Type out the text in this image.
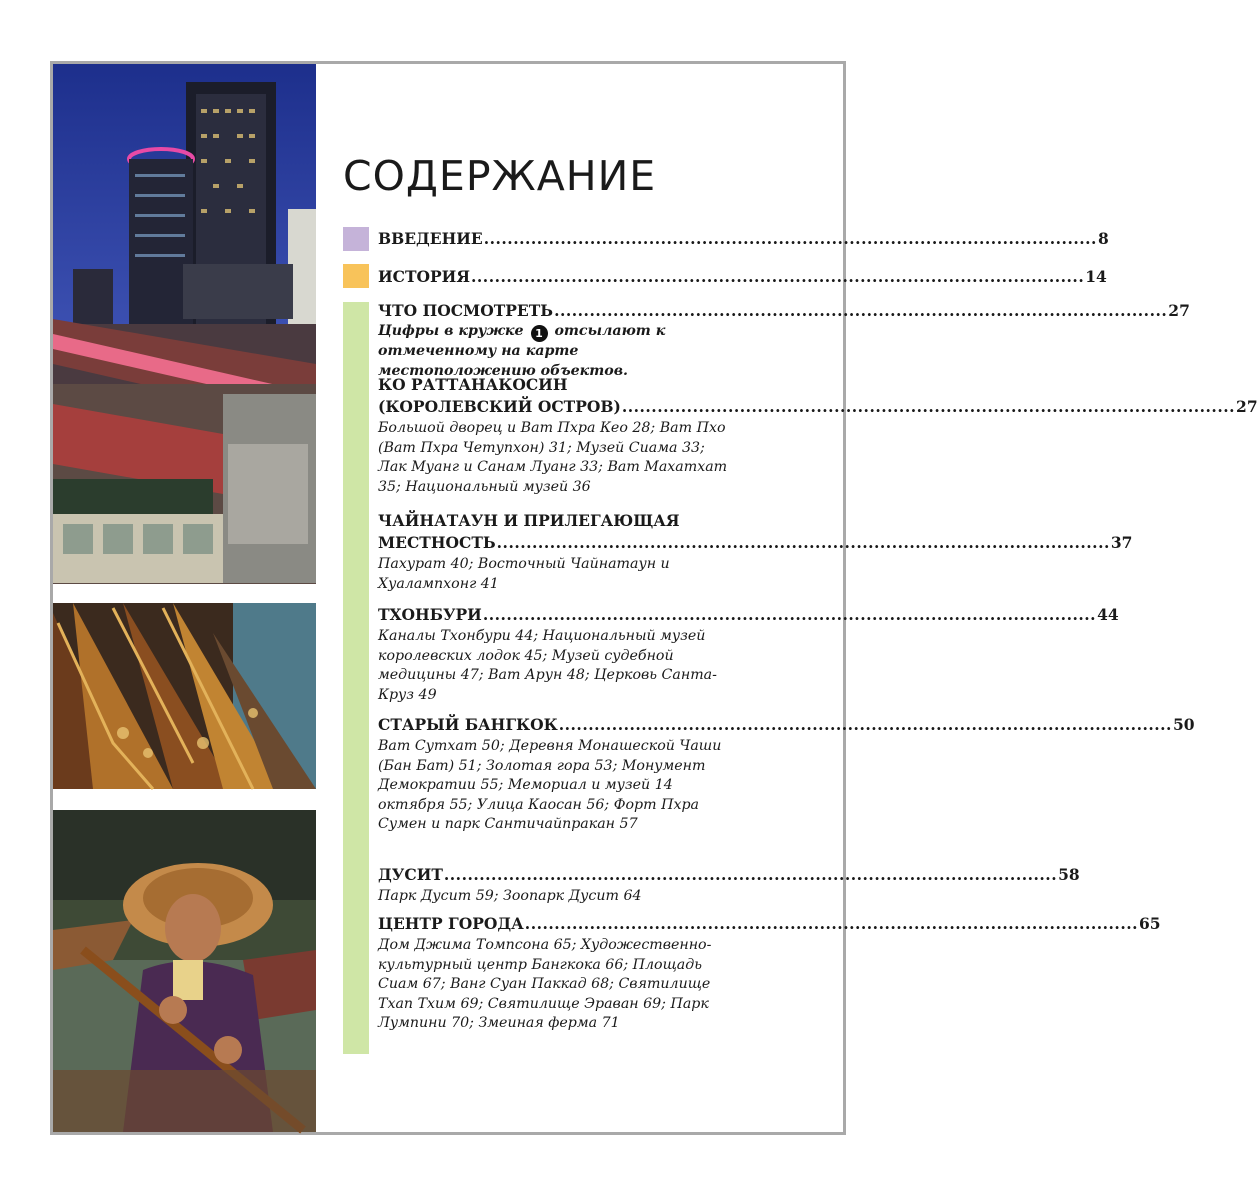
СОДЕРЖАНИЕ
ВВЕДЕНИЕ ........................................................................................................ 8
ИСТОРИЯ ........................................................................................................ 14
ЧТО ПОСМОТРЕТЬ ........................................................................................................ 27
Цифры в кружке 1 отсылают к отмеченному на карте местоположению объектов.
КО РАТТАНАКОСИН
(КОРОЛЕВСКИЙ ОСТРОВ) ........................................................................................................ 27
Большой дворец и Ват Пхра Кео 28; Ват Пхо (Ват Пхра Четупхон) 31; Музей Сиама 33; Лак Муанг и Санам Луанг 33; Ват Махатхат 35; Национальный музей 36
ЧАЙНАТАУН И ПРИЛЕГАЮЩАЯ
МЕСТНОСТЬ ........................................................................................................ 37
Пахурат 40; Восточный Чайнатаун и Хуалампхонг 41
ТХОНБУРИ ........................................................................................................ 44
Каналы Тхонбури 44; Национальный музей королевских лодок 45; Музей судебной медицины 47; Ват Арун 48; Церковь Санта-Круз 49
СТАРЫЙ БАНГКОК ........................................................................................................ 50
Ват Сутхат 50; Деревня Монашеской Чаши (Бан Бат) 51; Золотая гора 53; Монумент Демократии 55; Мемориал и музей 14 октября 55; Улица Каосан 56; Форт Пхра Сумен и парк Сантичайпракан 57
ДУСИТ ........................................................................................................ 58
Парк Дусит 59; Зоопарк Дусит 64
ЦЕНТР ГОРОДА ........................................................................................................ 65
Дом Джима Томпсона 65; Художественно-культурный центр Бангкока 66; Площадь Сиам 67; Ванг Суан Паккад 68; Святилище Тхап Тхим 69; Святилище Эраван 69; Парк Лумпини 70; Змеиная ферма 71
